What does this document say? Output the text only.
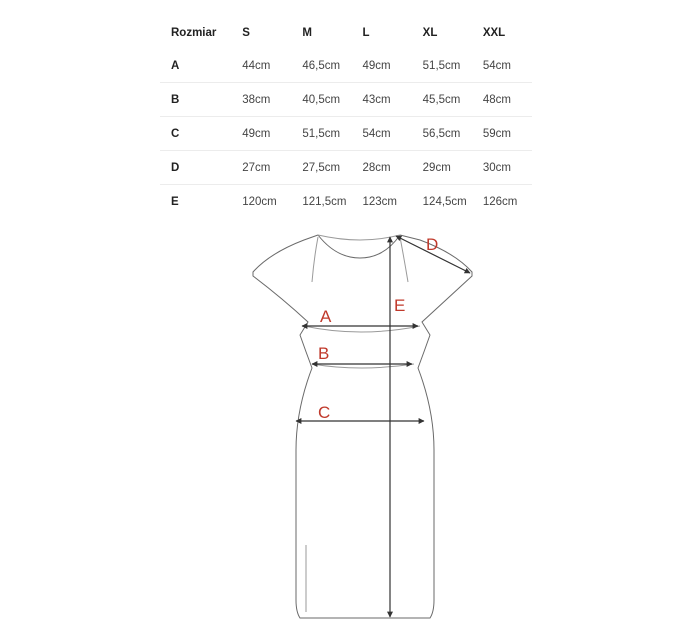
Rozmiar	S	M	L	XL	XXL
A	44cm	46,5cm	49cm	51,5cm	54cm
B	38cm	40,5cm	43cm	45,5cm	48cm
C	49cm	51,5cm	54cm	56,5cm	59cm
D	27cm	27,5cm	28cm	29cm	30cm
E	120cm	121,5cm	123cm	124,5cm	126cm
A
B
C
D
E
